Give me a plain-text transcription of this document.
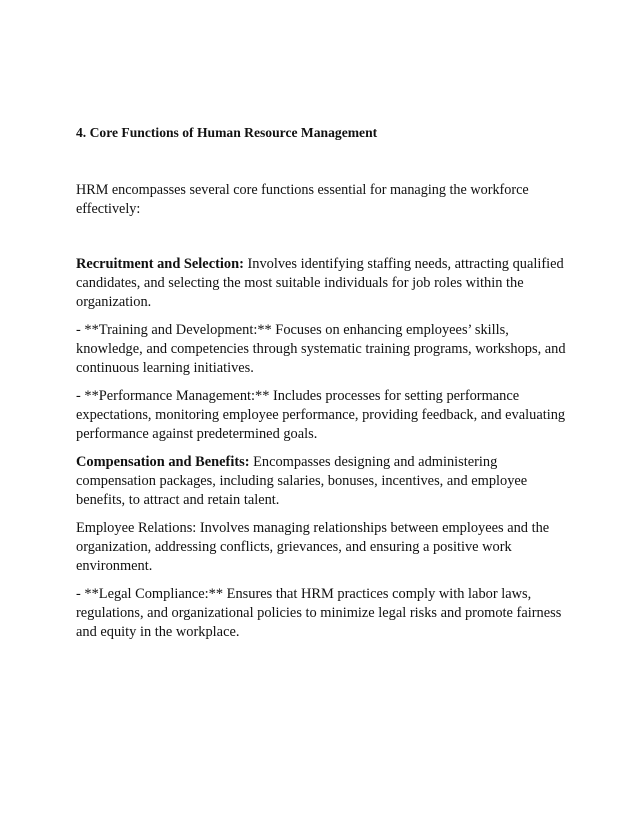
4. Core Functions of Human Resource Management

HRM encompasses several core functions essential for managing the workforce effectively:

Recruitment and Selection: Involves identifying staffing needs, attracting qualified candidates, and selecting the most suitable individuals for job roles within the organization.

- **Training and Development:** Focuses on enhancing employees’ skills, knowledge, and competencies through systematic training programs, workshops, and continuous learning initiatives.

- **Performance Management:** Includes processes for setting performance expectations, monitoring employee performance, providing feedback, and evaluating performance against predetermined goals.

Compensation and Benefits: Encompasses designing and administering compensation packages, including salaries, bonuses, incentives, and employee benefits, to attract and retain talent.

Employee Relations: Involves managing relationships between employees and the organization, addressing conflicts, grievances, and ensuring a positive work environment.

- **Legal Compliance:** Ensures that HRM practices comply with labor laws, regulations, and organizational policies to minimize legal risks and promote fairness and equity in the workplace.
